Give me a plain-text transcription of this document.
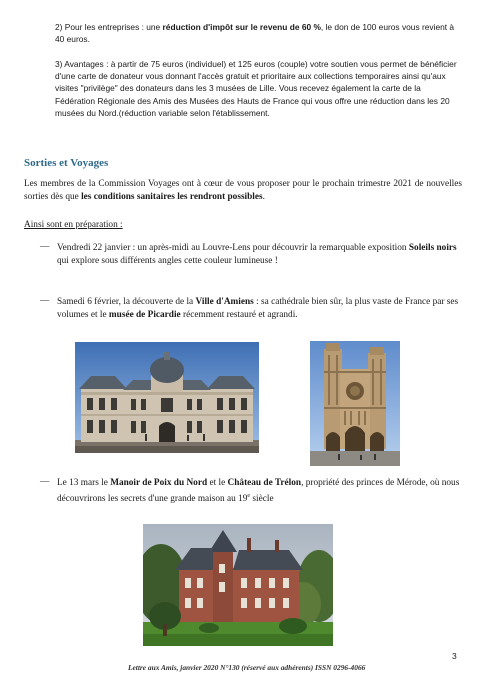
2) Pour les entreprises : une réduction d'impôt sur le revenu de 60 %, le don de 100 euros vous revient à 40 euros.
3) Avantages : à partir de 75 euros (individuel) et 125 euros (couple) votre soutien vous permet de bénéficier d'une carte de donateur vous donnant l'accès gratuit et prioritaire aux collections temporaires ainsi qu'aux visites "privilège" des donateurs dans les 3 musées de Lille. Vous recevez également la carte de la Fédération Régionale des Amis des Musées des Hauts de France qui vous offre une réduction dans les 20 musées du Nord.(réduction variable selon l'établissement.
Sorties et Voyages
Les membres de la Commission Voyages ont à cœur de vous proposer pour le prochain trimestre 2021 de nouvelles sorties dès que les conditions sanitaires les rendront possibles.
Ainsi sont en préparation :
— Vendredi 22 janvier : un après-midi au Louvre-Lens pour découvrir la remarquable exposition Soleils noirs qui explore sous différents angles cette couleur lumineuse !
— Samedi 6 février, la découverte de la Ville d'Amiens : sa cathédrale bien sûr, la plus vaste de France par ses volumes et le musée de Picardie récemment restauré et agrandi.
— Le 13 mars le Manoir de Poix du Nord et le Château de Trélon, propriété des princes de Mérode, où nous découvrirons les secrets d'une grande maison au 19e siècle
Lettre aux Amis, janvier 2020 N°130 (réservé aux adhérents) ISSN 0296-4066
3
